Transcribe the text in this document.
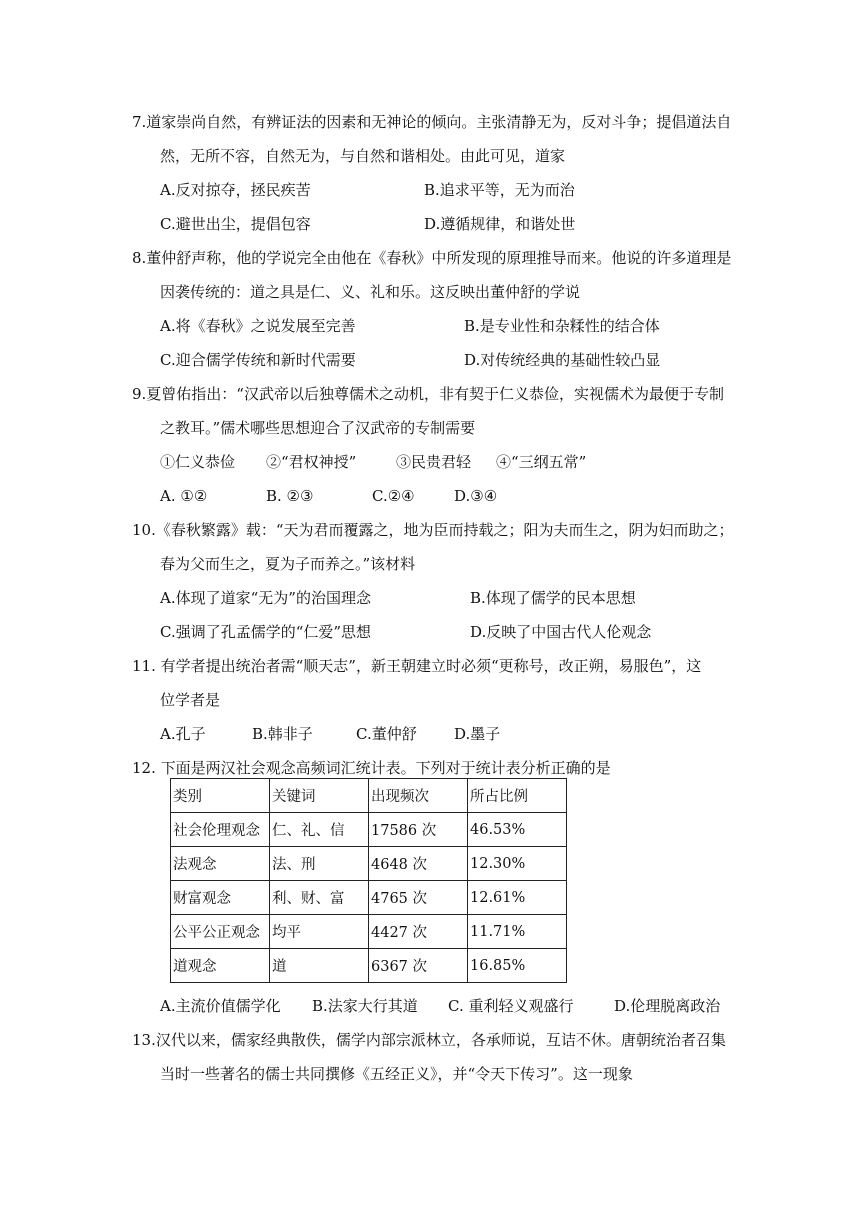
7.道家崇尚自然，有辨证法的因素和无神论的倾向。主张清静无为，反对斗争；提倡道法自
然，无所不容，自然无为，与自然和谐相处。由此可见，道家
A.反对掠夺，拯民疾苦	B.追求平等，无为而治
C.避世出尘，提倡包容	D.遵循规律，和谐处世
8.董仲舒声称，他的学说完全由他在《春秋》中所发现的原理推导而来。他说的许多道理是
因袭传统的：道之具是仁、义、礼和乐。这反映出董仲舒的学说
A.将《春秋》之说发展至完善	B.是专业性和杂糅性的结合体
C.迎合儒学传统和新时代需要	D.对传统经典的基础性较凸显
9.夏曾佑指出：“汉武帝以后独尊儒术之动机，非有契于仁义恭俭，实视儒术为最便于专制
之教耳。”儒术哪些思想迎合了汉武帝的专制需要
①仁义恭俭 ②“君权神授”	③民贵君轻 ④“三纲五常”
A. ①②	B. ②③	C.②④	D.③④
10.《春秋繁露》载：“天为君而覆露之，地为臣而持载之；阳为夫而生之，阴为妇而助之；
春为父而生之，夏为子而养之。”该材料
A.体现了道家“无为”的治国理念	B.体现了儒学的民本思想
C.强调了孔孟儒学的“仁爱”思想	D.反映了中国古代人伦观念
11. 有学者提出统治者需“顺天志”，新王朝建立时必须“更称号，改正朔，易服色”，这
位学者是
A.孔子	B.韩非子	C.董仲舒 D.墨子
12. 下面是两汉社会观念高频词汇统计表。下列对于统计表分析正确的是
类别	关键词	出现频次	所占比例
社会伦理观念	仁、礼、信	17586 次	46.53%
法观念	法、刑	4648 次	12.30%
财富观念	利、财、富	4765 次	12.61%
公平公正观念	均平	4427 次	11.71%
道观念	道	6367 次	16.85%
A.主流价值儒学化 B.法家大行其道 C. 重利轻义观盛行	D.伦理脱离政治
13.汉代以来，儒家经典散佚，儒学内部宗派林立，各承师说，互诘不休。唐朝统治者召集
当时一些著名的儒士共同撰修《五经正义》，并“令天下传习”。这一现象
